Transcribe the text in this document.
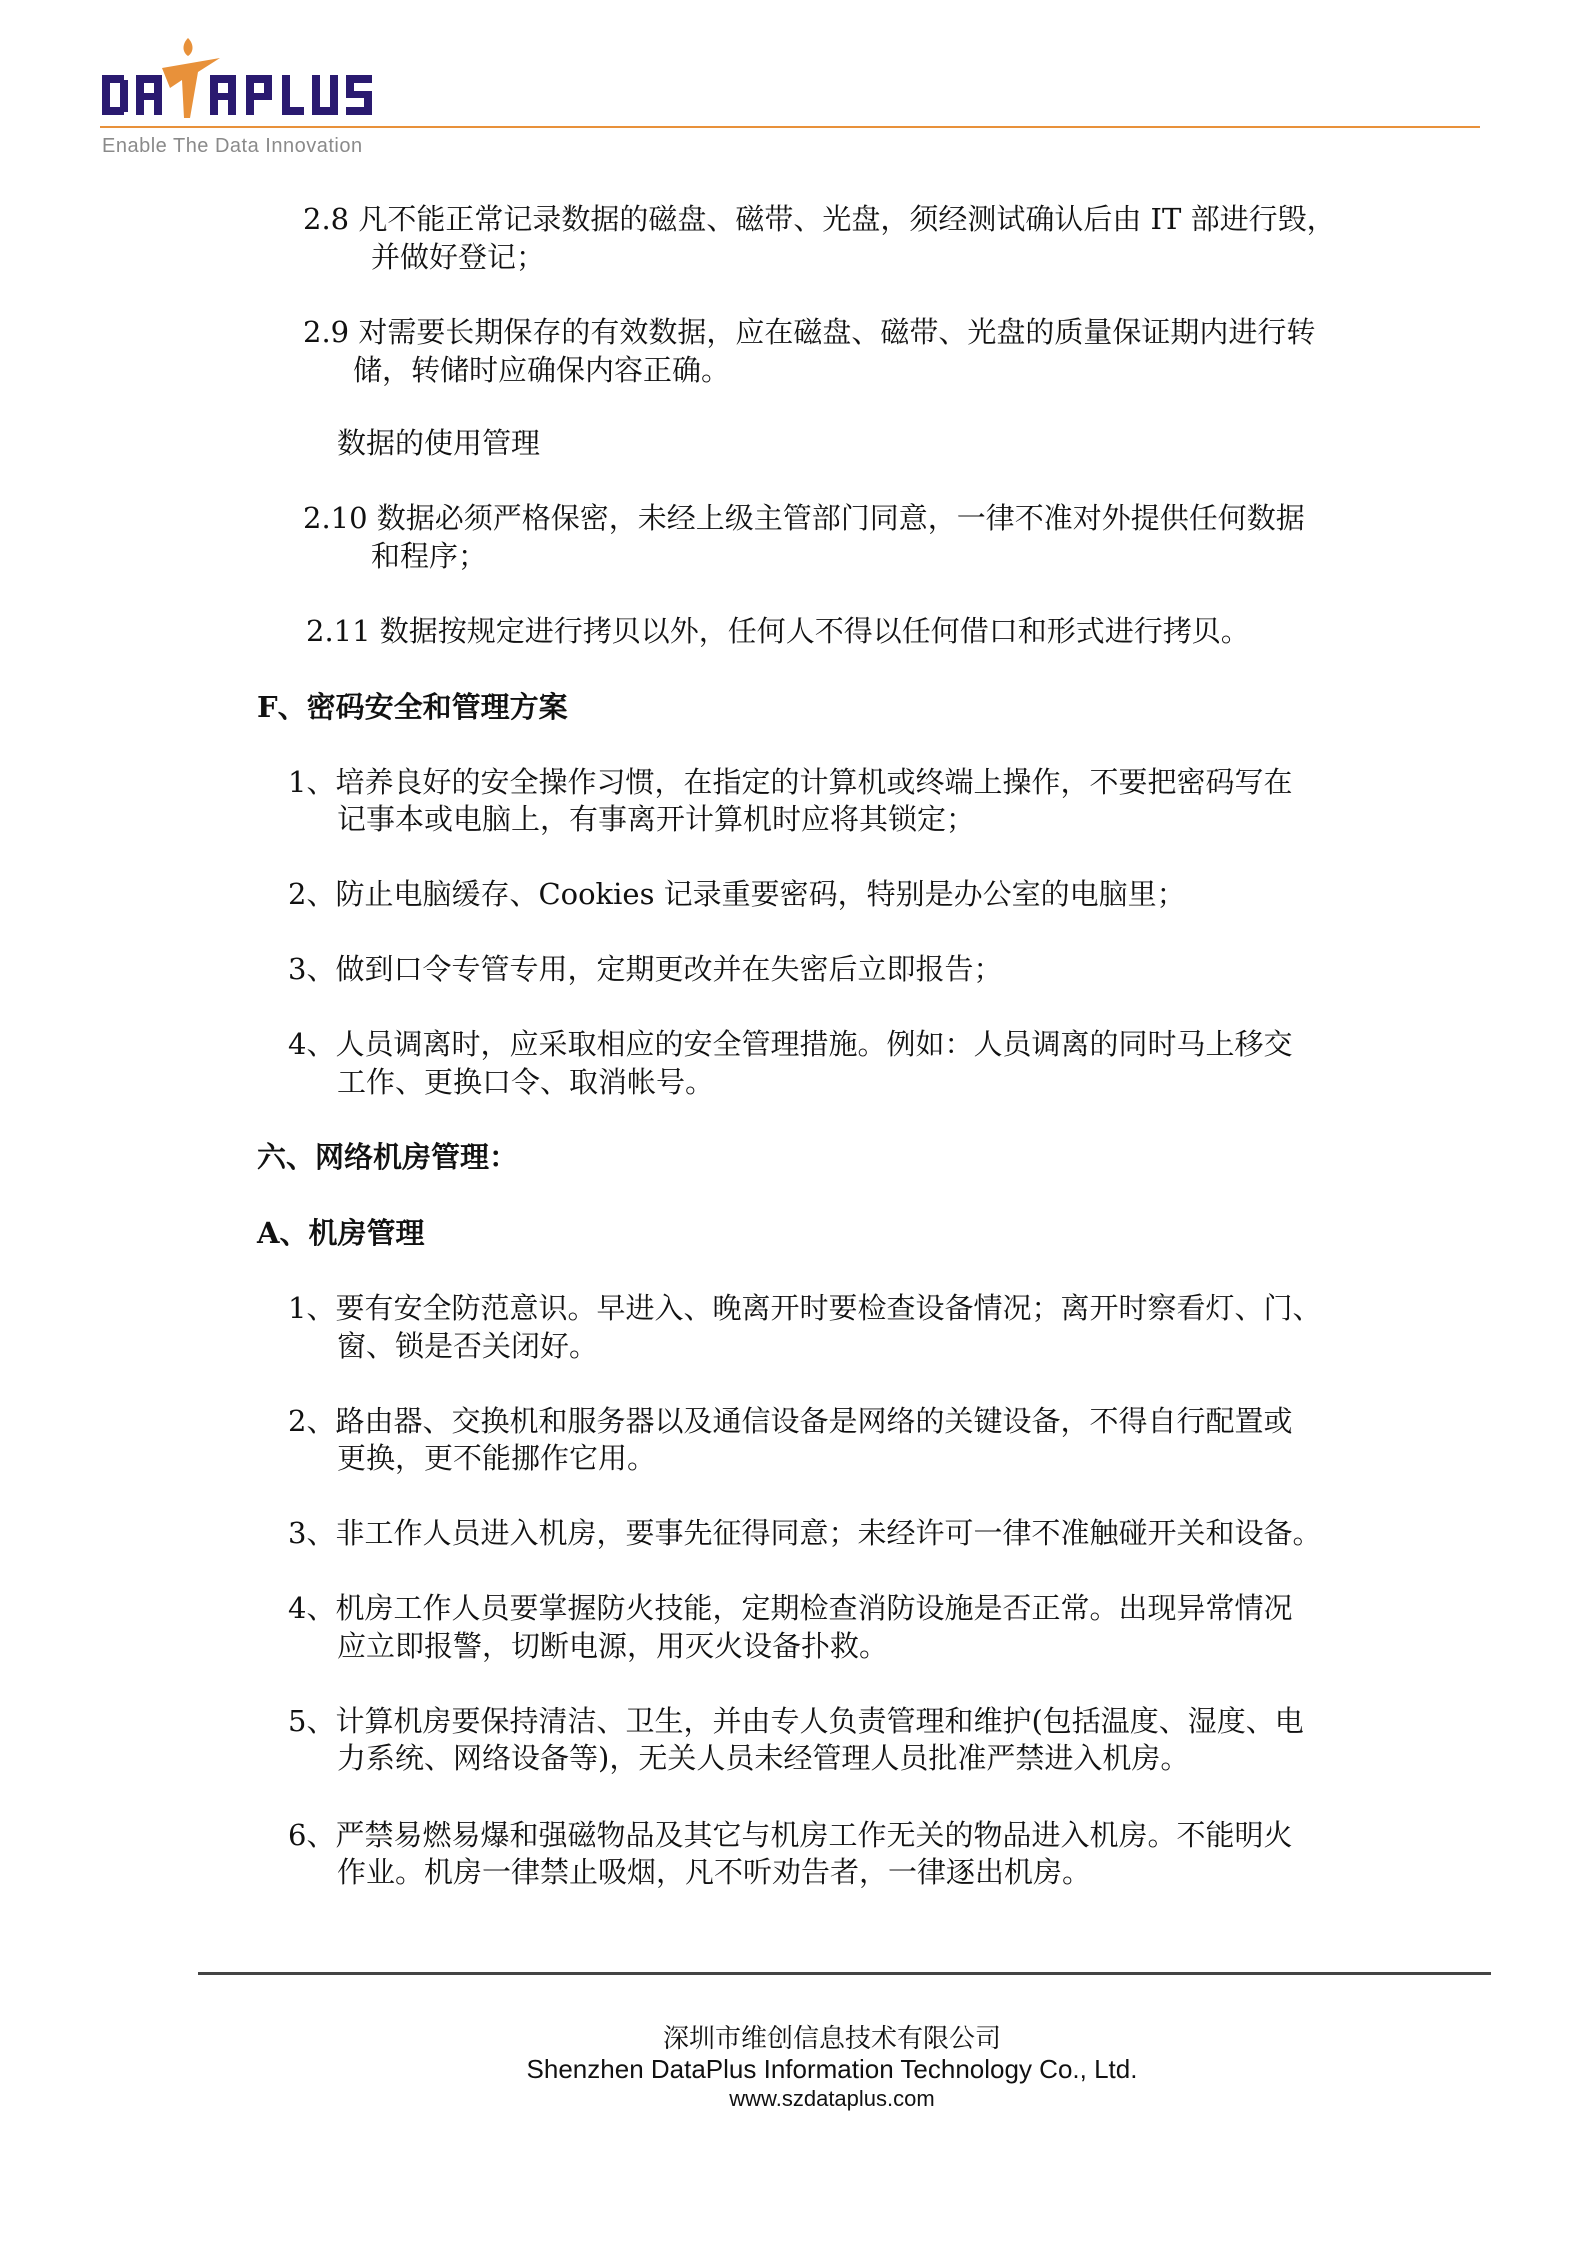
Enable The Data Innovation
2.8 凡不能正常记录数据的磁盘、磁带、光盘，须经测试确认后由 IT 部进行毁，
并做好登记；
2.9 对需要长期保存的有效数据，应在磁盘、磁带、光盘的质量保证期内进行转
储，转储时应确保内容正确。
数据的使用管理
2.10 数据必须严格保密，未经上级主管部门同意，一律不准对外提供任何数据
和程序；
2.11 数据按规定进行拷贝以外，任何人不得以任何借口和形式进行拷贝。
F、密码安全和管理方案
1、培养良好的安全操作习惯，在指定的计算机或终端上操作，不要把密码写在
记事本或电脑上，有事离开计算机时应将其锁定；
2、防止电脑缓存、Cookies 记录重要密码，特别是办公室的电脑里；
3、做到口令专管专用，定期更改并在失密后立即报告；
4、人员调离时，应采取相应的安全管理措施。例如：人员调离的同时马上移交
工作、更换口令、取消帐号。
六、网络机房管理：
A、机房管理
1、要有安全防范意识。早进入、晚离开时要检查设备情况；离开时察看灯、门、
窗、锁是否关闭好。
2、路由器、交换机和服务器以及通信设备是网络的关键设备，不得自行配置或
更换，更不能挪作它用。
3、非工作人员进入机房，要事先征得同意；未经许可一律不准触碰开关和设备。
4、机房工作人员要掌握防火技能，定期检查消防设施是否正常。出现异常情况
应立即报警，切断电源，用灭火设备扑救。
5、计算机房要保持清洁、卫生，并由专人负责管理和维护(包括温度、湿度、电
力系统、网络设备等)，无关人员未经管理人员批准严禁进入机房。
6、严禁易燃易爆和强磁物品及其它与机房工作无关的物品进入机房。不能明火
作业。机房一律禁止吸烟，凡不听劝告者，一律逐出机房。
深圳市维创信息技术有限公司
Shenzhen DataPlus Information Technology Co., Ltd.
www.szdataplus.com
